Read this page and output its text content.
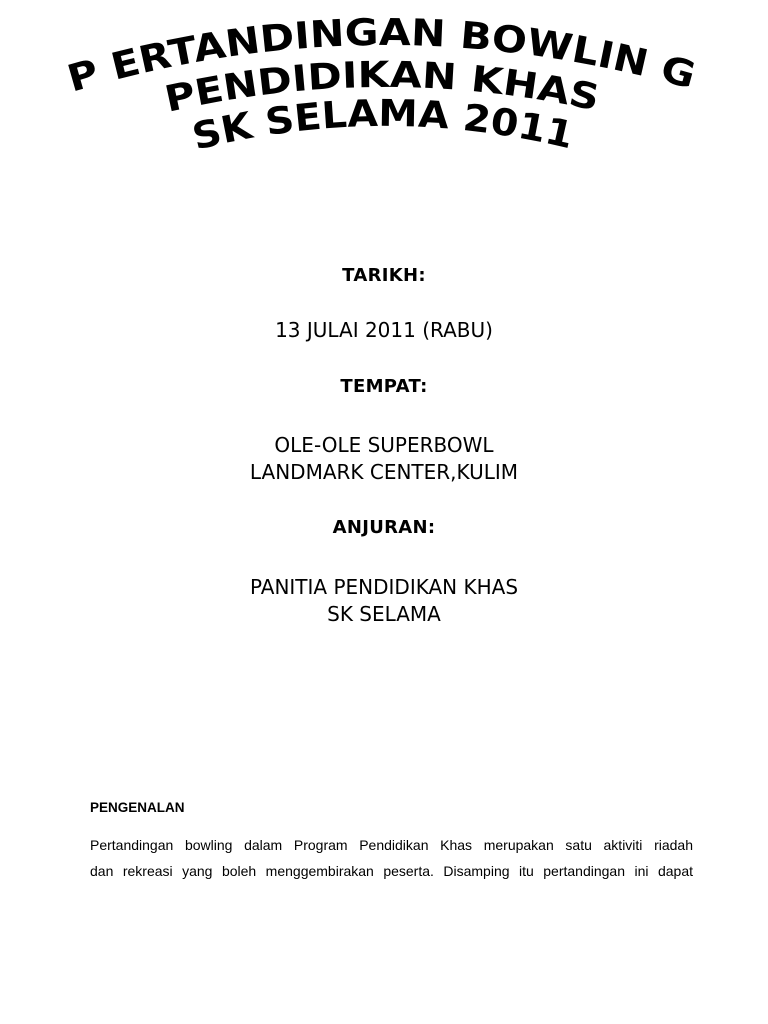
P ERTANDINGAN BOWLIN G
PENDIDIKAN KHAS
SK SELAMA 2011
TARIKH:
13 JULAI 2011 (RABU)
TEMPAT:
OLE-OLE SUPERBOWL
LANDMARK CENTER,KULIM
ANJURAN:
PANITIA PENDIDIKAN KHAS
SK SELAMA
PENGENALAN
Pertandingan bowling dalam Program Pendidikan Khas merupakan satu aktiviti riadah
dan rekreasi yang boleh menggembirakan peserta. Disamping itu pertandingan ini dapat
